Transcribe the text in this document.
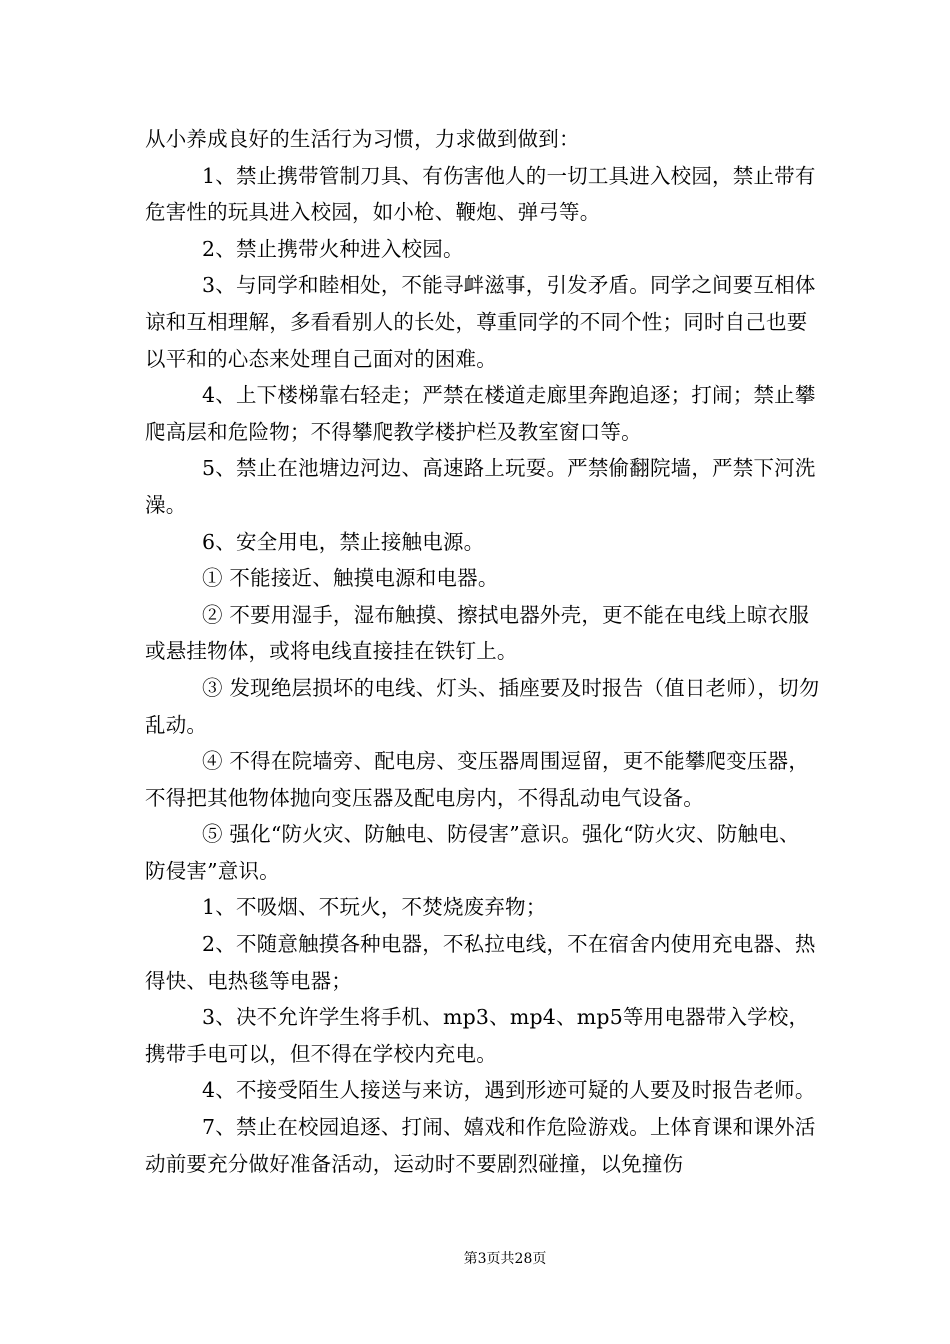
从小养成良好的生活行为习惯，力求做到做到：

1、禁止携带管制刀具、有伤害他人的一切工具进入校园，禁止带有危害性的玩具进入校园，如小枪、鞭炮、弹弓等。

2、禁止携带火种进入校园。

3、与同学和睦相处，不能寻衅滋事，引发矛盾。同学之间要互相体谅和互相理解，多看看别人的长处，尊重同学的不同个性；同时自己也要以平和的心态来处理自己面对的困难。

4、上下楼梯靠右轻走；严禁在楼道走廊里奔跑追逐；打闹；禁止攀爬高层和危险物；不得攀爬教学楼护栏及教室窗口等。

5、禁止在池塘边河边、高速路上玩耍。严禁偷翻院墙，严禁下河洗澡。

6、安全用电，禁止接触电源。

① 不能接近、触摸电源和电器。

② 不要用湿手，湿布触摸、擦拭电器外壳，更不能在电线上晾衣服或悬挂物体，或将电线直接挂在铁钉上。

③ 发现绝层损坏的电线、灯头、插座要及时报告（值日老师），切勿乱动。

④ 不得在院墙旁、配电房、变压器周围逗留，更不能攀爬变压器，不得把其他物体抛向变压器及配电房内，不得乱动电气设备。

⑤ 强化“防火灾、防触电、防侵害”意识。强化“防火灾、防触电、防侵害”意识。

1、不吸烟、不玩火，不焚烧废弃物；

2、不随意触摸各种电器，不私拉电线，不在宿舍内使用充电器、热得快、电热毯等电器；

3、决不允许学生将手机、mp3、mp4、mp5等用电器带入学校，携带手电可以，但不得在学校内充电。

4、不接受陌生人接送与来访，遇到形迹可疑的人要及时报告老师。

7、禁止在校园追逐、打闹、嬉戏和作危险游戏。上体育课和课外活动前要充分做好准备活动，运动时不要剧烈碰撞，以免撞伤

第3页共28页
